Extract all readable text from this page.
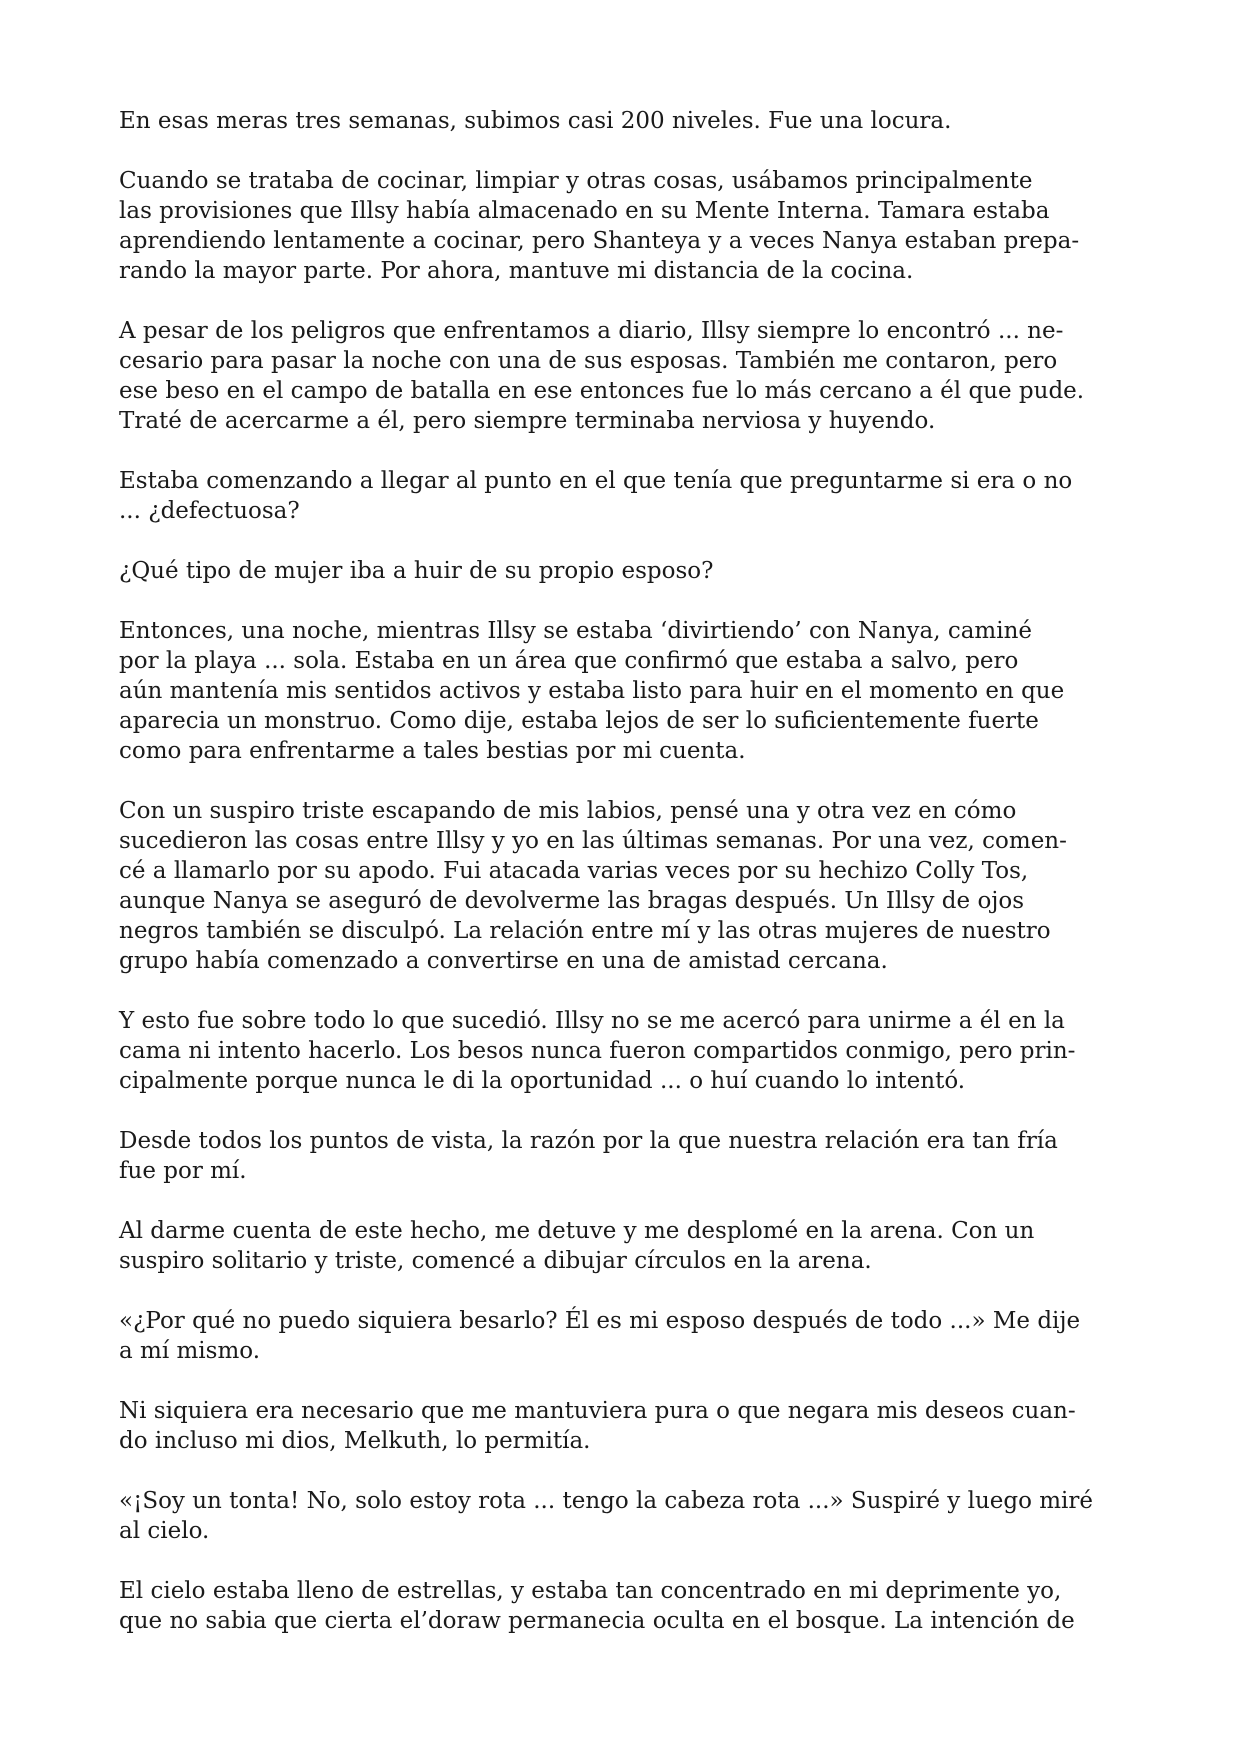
En esas meras tres semanas, subimos casi 200 niveles. Fue una locura.

Cuando se trataba de cocinar, limpiar y otras cosas, usábamos principalmente
las provisiones que Illsy había almacenado en su Mente Interna. Tamara estaba
aprendiendo lentamente a cocinar, pero Shanteya y a veces Nanya estaban prepa-
rando la mayor parte. Por ahora, mantuve mi distancia de la cocina.

A pesar de los peligros que enfrentamos a diario, Illsy siempre lo encontró ... ne-
cesario para pasar la noche con una de sus esposas. También me contaron, pero
ese beso en el campo de batalla en ese entonces fue lo más cercano a él que pude.
Traté de acercarme a él, pero siempre terminaba nerviosa y huyendo.

Estaba comenzando a llegar al punto en el que tenía que preguntarme si era o no
... ¿defectuosa?

¿Qué tipo de mujer iba a huir de su propio esposo?

Entonces, una noche, mientras Illsy se estaba ‘divirtiendo’ con Nanya, caminé
por la playa ... sola. Estaba en un área que confirmó que estaba a salvo, pero
aún mantenía mis sentidos activos y estaba listo para huir en el momento en que
aparecia un monstruo. Como dije, estaba lejos de ser lo suficientemente fuerte
como para enfrentarme a tales bestias por mi cuenta.

Con un suspiro triste escapando de mis labios, pensé una y otra vez en cómo
sucedieron las cosas entre Illsy y yo en las últimas semanas. Por una vez, comen-
cé a llamarlo por su apodo. Fui atacada varias veces por su hechizo Colly Tos,
aunque Nanya se aseguró de devolverme las bragas después. Un Illsy de ojos
negros también se disculpó. La relación entre mí y las otras mujeres de nuestro
grupo había comenzado a convertirse en una de amistad cercana.

Y esto fue sobre todo lo que sucedió. Illsy no se me acercó para unirme a él en la
cama ni intento hacerlo. Los besos nunca fueron compartidos conmigo, pero prin-
cipalmente porque nunca le di la oportunidad ... o huí cuando lo intentó.

Desde todos los puntos de vista, la razón por la que nuestra relación era tan fría
fue por mí.

Al darme cuenta de este hecho, me detuve y me desplomé en la arena. Con un
suspiro solitario y triste, comencé a dibujar círculos en la arena.

«¿Por qué no puedo siquiera besarlo? Él es mi esposo después de todo ...» Me dije
a mí mismo.

Ni siquiera era necesario que me mantuviera pura o que negara mis deseos cuan-
do incluso mi dios, Melkuth, lo permitía.

«¡Soy un tonta! No, solo estoy rota ... tengo la cabeza rota ...» Suspiré y luego miré
al cielo.

El cielo estaba lleno de estrellas, y estaba tan concentrado en mi deprimente yo,
que no sabia que cierta el’doraw permanecia oculta en el bosque. La intención de
